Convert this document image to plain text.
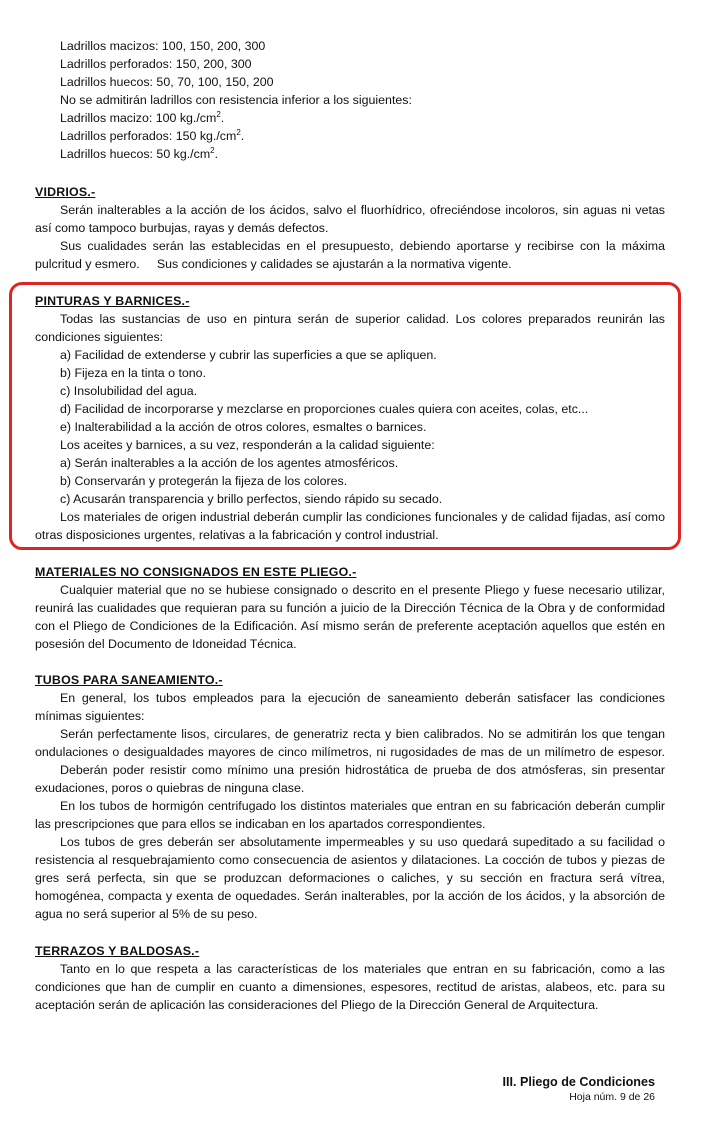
Ladrillos macizos: 100, 150, 200, 300
Ladrillos perforados: 150, 200, 300
Ladrillos huecos: 50, 70, 100, 150, 200
No se admitirán ladrillos con resistencia inferior a los siguientes:
Ladrillos macizo: 100 $kg./cm^2$.
Ladrillos perforados: 150 $kg./cm^2$.
Ladrillos huecos: 50 $kg./cm^2$.
VIDRIOS.-
Serán inalterables a la acción de los ácidos, salvo el fluorhídrico, ofreciéndose incoloros, sin aguas ni vetas
así como tampoco burbujas, rayas y demás defectos.
Sus cualidades serán las establecidas en el presupuesto, debiendo aportarse y recibirse con la máxima
pulcritud y esmero.     Sus condiciones y calidades se ajustarán a la normativa vigente.
PINTURAS Y BARNICES.-
Todas las sustancias de uso en pintura serán de superior calidad. Los colores preparados reunirán las
condiciones siguientes:
a) Facilidad de extenderse y cubrir las superficies a que se apliquen.
b) Fijeza en la tinta o tono.
c) Insolubilidad del agua.
d) Facilidad de incorporarse y mezclarse en proporciones cuales quiera con aceites, colas, etc...
e) Inalterabilidad a la acción de otros colores, esmaltes o barnices.
Los aceites y barnices, a su vez, responderán a la calidad siguiente:
a) Serán inalterables a la acción de los agentes atmosféricos.
b) Conservarán y protegerán la fijeza de los colores.
c) Acusarán transparencia y brillo perfectos, siendo rápido su secado.
Los materiales de origen industrial deberán cumplir las condiciones funcionales y de calidad fijadas, así como
otras disposiciones urgentes, relativas a la fabricación y control industrial.
MATERIALES NO CONSIGNADOS EN ESTE PLIEGO.-
Cualquier material que no se hubiese consignado o descrito en el presente Pliego y fuese necesario utilizar,
reunirá las cualidades que requieran para su función a juicio de la Dirección Técnica de la Obra y de conformidad
con el Pliego de Condiciones de la Edificación. Así mismo serán de preferente aceptación aquellos que estén en
posesión del Documento de Idoneidad Técnica.
TUBOS PARA SANEAMIENTO.-
En general, los tubos empleados para la ejecución de saneamiento deberán satisfacer las condiciones
mínimas siguientes:
Serán perfectamente lisos, circulares, de generatriz recta y bien calibrados. No se admitirán los que tengan
ondulaciones o desigualdades mayores de cinco milímetros, ni rugosidades de mas de un milímetro de espesor.
Deberán poder resistir como mínimo una presión hidrostática de prueba de dos atmósferas, sin presentar
exudaciones, poros o quiebras de ninguna clase.
En los tubos de hormigón centrifugado los distintos materiales que entran en su fabricación deberán cumplir
las prescripciones que para ellos se indicaban en los apartados correspondientes.
Los tubos de gres deberán ser absolutamente impermeables y su uso quedará supeditado a su facilidad o
resistencia al resquebrajamiento como consecuencia de asientos y dilataciones. La cocción de tubos y piezas de
gres será perfecta, sin que se produzcan deformaciones o caliches, y su sección en fractura será vítrea,
homogénea, compacta y exenta de oquedades. Serán inalterables, por la acción de los ácidos, y la absorción de
agua no será superior al 5% de su peso.
TERRAZOS Y BALDOSAS.-
Tanto en lo que respeta a las características de los materiales que entran en su fabricación, como a las
condiciones que han de cumplir en cuanto a dimensiones, espesores, rectitud de aristas, alabeos, etc. para su
aceptación serán de aplicación las consideraciones del Pliego de la Dirección General de Arquitectura.
III. Pliego de Condiciones
Hoja núm. 9 de 26
